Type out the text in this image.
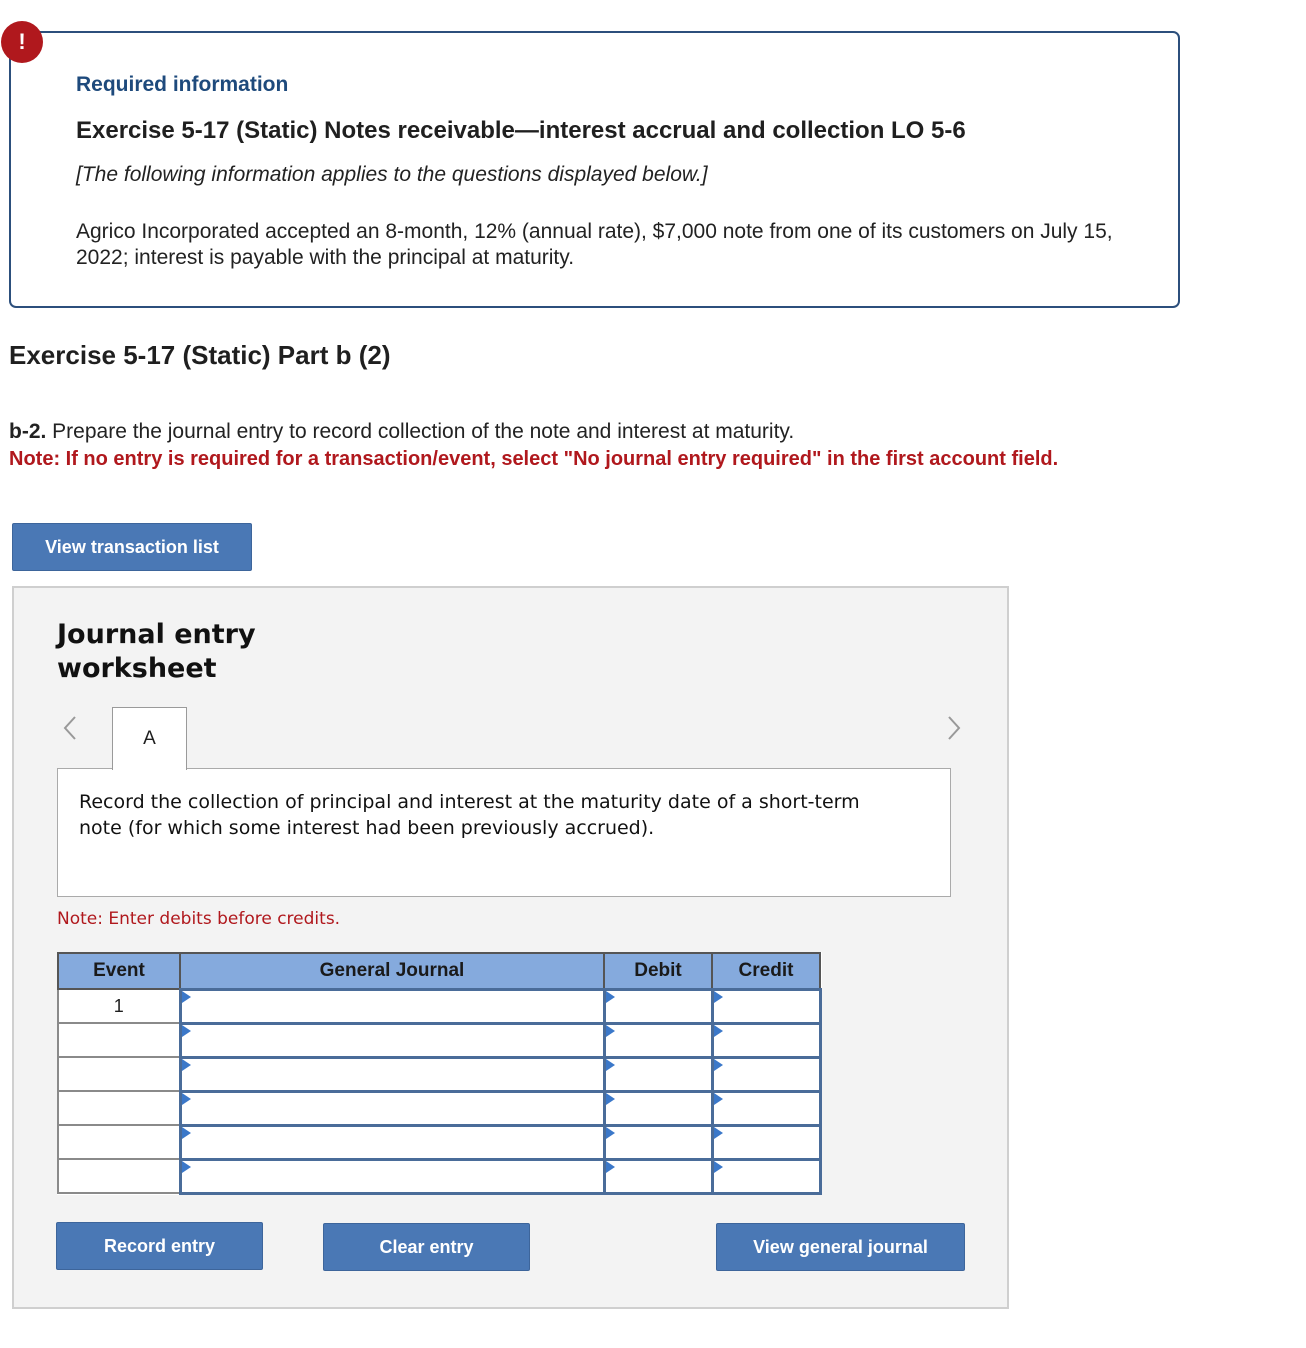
!
Required information
Exercise 5-17 (Static) Notes receivable—interest accrual and collection LO 5-6
[The following information applies to the questions displayed below.]
Agrico Incorporated accepted an 8-month, 12% (annual rate), $7,000 note from one of its customers on July 15, 2022; interest is payable with the principal at maturity.
Exercise 5-17 (Static) Part b (2)
b-2. Prepare the journal entry to record collection of the note and interest at maturity.
Note: If no entry is required for a transaction/event, select "No journal entry required" in the first account field.
View transaction list
Journal entry
worksheet
A
Record the collection of principal and interest at the maturity date of a short-term note (for which some interest had been previously accrued).
Note: Enter debits before credits.
Event	General Journal	Debit	Credit
1	

Record entry	Clear entry	View general journal
